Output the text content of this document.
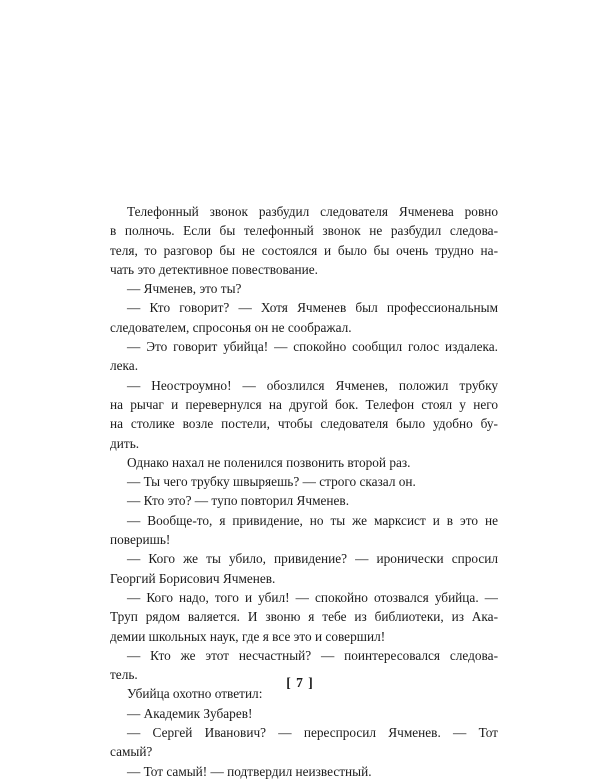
Телефонный звонок разбудил следователя Ячменева ровно
в полночь. Если бы телефонный звонок не разбудил следова-
теля, то разговор бы не состоялся и было бы очень трудно на-
чать это детективное повествование.
— Ячменев, это ты?
— Кто говорит? — Хотя Ячменев был профессиональным
следователем, спросонья он не соображал.
— Это говорит убийца! — спокойно сообщил голос издалека.
лека.
— Неостроумно! — обозлился Ячменев, положил трубку
на рычаг и перевернулся на другой бок. Телефон стоял у него
на столике возле постели, чтобы следователя было удобно бу-
дить.
Однако нахал не поленился позвонить второй раз.
— Ты чего трубку швыряешь? — строго сказал он.
— Кто это? — тупо повторил Ячменев.
— Вообще-то, я привидение, но ты же марксист и в это не
поверишь!
— Кого же ты убило, привидение? — иронически спросил
Георгий Борисович Ячменев.
— Кого надо, того и убил! — спокойно отозвался убийца. —
Труп рядом валяется. И звоню я тебе из библиотеки, из Ака-
демии школьных наук, где я все это и совершил!
— Кто же этот несчастный? — поинтересовался следова-
тель.
Убийца охотно ответил:
— Академик Зубарев!
— Сергей Иванович? — переспросил Ячменев. — Тот
самый?
— Тот самый! — подтвердил неизвестный.
[ 7 ]
